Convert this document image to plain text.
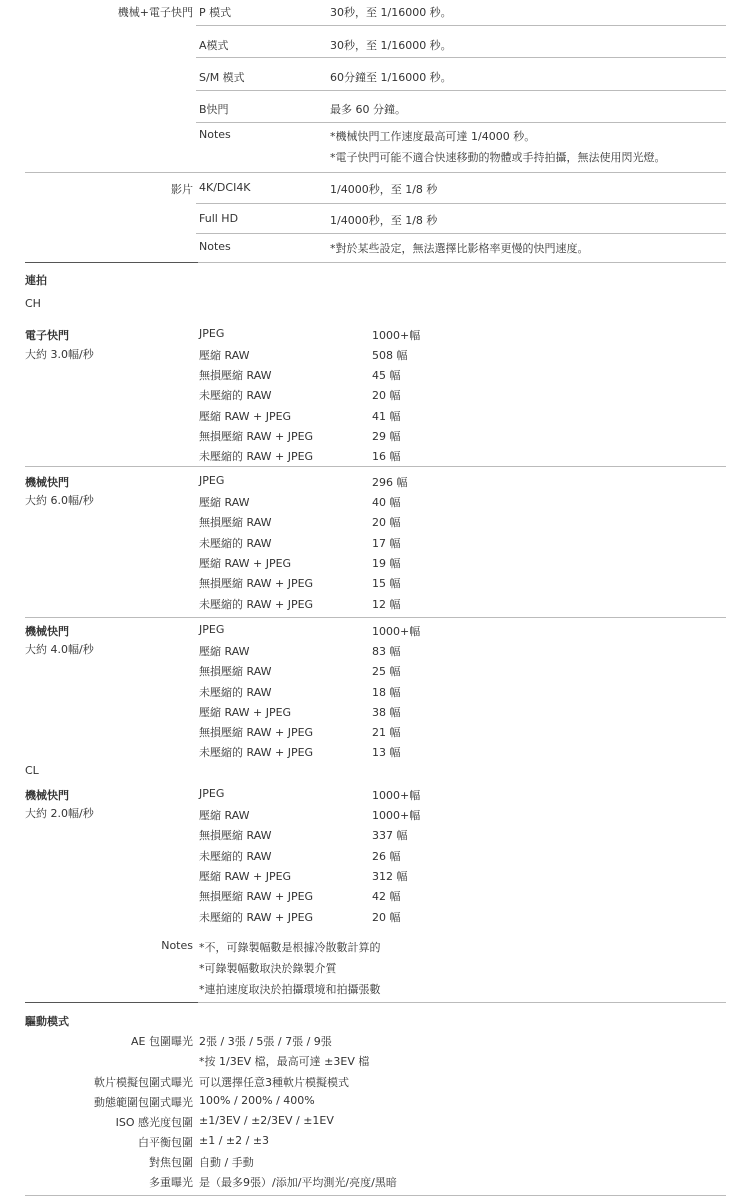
機械+電子快門 P 模式	30秒，至 1/16000 秒。
A模式	30秒，至 1/16000 秒。
S/M 模式	60分鐘至 1/16000 秒。
B快門	最多 60 分鐘。
Notes	*機械快門工作速度最高可達 1/4000 秒。
*電子快門可能不適合快速移動的物體或手持拍攝，無法使用閃光燈。
影片 4K/DCI4K	1/4000秒，至 1/8 秒
Full HD	1/4000秒，至 1/8 秒
Notes	*對於某些設定，無法選擇比影格率更慢的快門速度。
連拍
CH
電子快門
大約 3.0幅/秒
JPEG	1000+幅
壓縮 RAW	508 幅
無損壓縮 RAW	45 幅
未壓縮的 RAW	20 幅
壓縮 RAW + JPEG	41 幅
無損壓縮 RAW + JPEG	29 幅
未壓縮的 RAW + JPEG	16 幅
機械快門
大約 6.0幅/秒
JPEG	296 幅
壓縮 RAW	40 幅
無損壓縮 RAW	20 幅
未壓縮的 RAW	17 幅
壓縮 RAW + JPEG	19 幅
無損壓縮 RAW + JPEG	15 幅
未壓縮的 RAW + JPEG	12 幅
機械快門
大約 4.0幅/秒
JPEG	1000+幅
壓縮 RAW	83 幅
無損壓縮 RAW	25 幅
未壓縮的 RAW	18 幅
壓縮 RAW + JPEG	38 幅
無損壓縮 RAW + JPEG	21 幅
未壓縮的 RAW + JPEG	13 幅
CL
機械快門
大約 2.0幅/秒
JPEG	1000+幅
壓縮 RAW	1000+幅
無損壓縮 RAW	337 幅
未壓縮的 RAW	26 幅
壓縮 RAW + JPEG	312 幅
無損壓縮 RAW + JPEG	42 幅
未壓縮的 RAW + JPEG	20 幅
Notes *不，可錄製幅數是根據冷散數計算的
*可錄製幅數取決於錄製介質
*連拍速度取決於拍攝環境和拍攝張數
驅動模式
AE 包圍曝光 2張 / 3張 / 5張 / 7張 / 9張
*按 1/3EV 檔，最高可達 ±3EV 檔
軟片模擬包圍式曝光 可以選擇任意3種軟片模擬模式
動態範圍包圍式曝光 100% / 200% / 400%
ISO 感光度包圍 ±1/3EV / ±2/3EV / ±1EV
白平衡包圍 ±1 / ±2 / ±3
對焦包圍 自動 / 手動
多重曝光 是（最多9張）/添加/平均測光/亮度/黑暗
